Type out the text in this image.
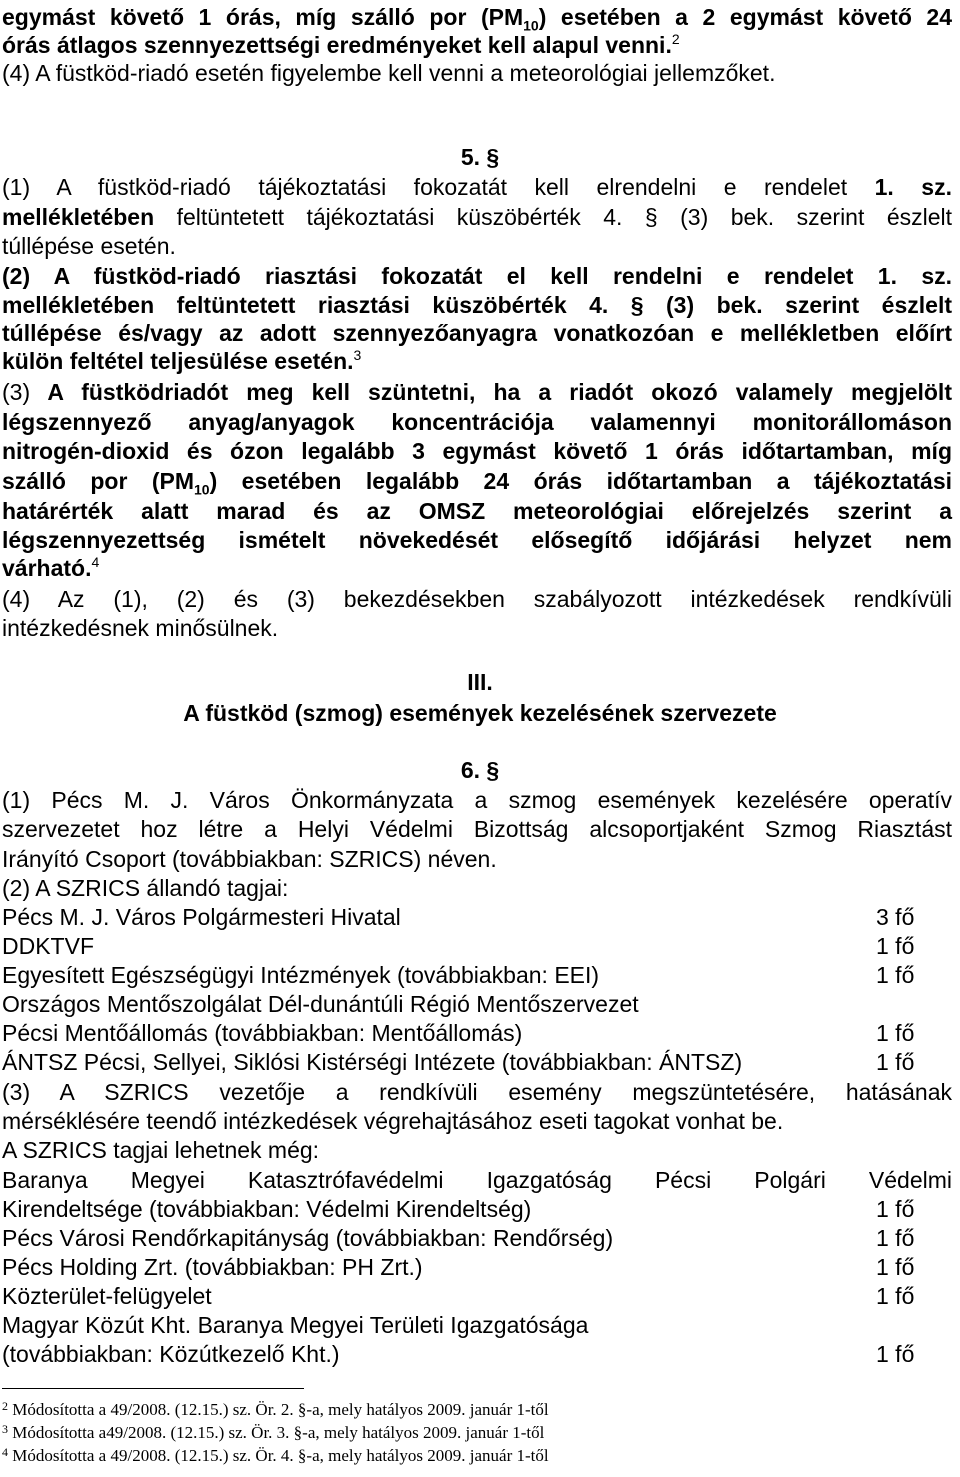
egymást követő 1 órás, míg szálló por $(PM_{10})$ esetében a 2 egymást követő 24
órás átlagos szennyezettségi eredményeket kell alapul venni.$^2$
(4) A füstköd-riadó esetén figyelembe kell venni a meteorológiai jellemzőket.
5. §
(1) A füstköd-riadó tájékoztatási fokozatát kell elrendelni e rendelet 1. sz.
mellékletében feltüntetett tájékoztatási küszöbérték 4. § (3) bek. szerint észlelt
túllépése esetén.
(2) A füstköd-riadó riasztási fokozatát el kell rendelni e rendelet 1. sz.
mellékletében feltüntetett riasztási küszöbérték 4. § (3) bek. szerint észlelt
túllépése és/vagy az adott szennyezőanyagra vonatkozóan e mellékletben előírt
külön feltétel teljesülése esetén.$^3$
(3) A füstködriadót meg kell szüntetni, ha a riadót okozó valamely megjelölt
légszennyező anyag/anyagok koncentrációja valamennyi monitorállomáson
nitrogén-dioxid és ózon legalább 3 egymást követő 1 órás időtartamban, míg
szálló por $(PM_{10})$ esetében legalább 24 órás időtartamban a tájékoztatási
határérték alatt marad és az OMSZ meteorológiai előrejelzés szerint a
légszennyezettség ismételt növekedését elősegítő időjárási helyzet nem
várható.$^4$
(4) Az (1), (2) és (3) bekezdésekben szabályozott intézkedések rendkívüli
intézkedésnek minősülnek.
III.
A füstköd (szmog) események kezelésének szervezete
6. §
(1) Pécs M. J. Város Önkormányzata a szmog események kezelésére operatív
szervezetet hoz létre a Helyi Védelmi Bizottság alcsoportjaként Szmog Riasztást
Irányító Csoport (továbbiakban: SZRICS) néven.
(2) A SZRICS állandó tagjai:
Pécs M. J. Város Polgármesteri Hivatal	3 fő
DDKTVF	1 fő
Egyesített Egészségügyi Intézmények (továbbiakban: EEI)	1 fő
Országos Mentőszolgálat Dél-dunántúli Régió Mentőszervezet
Pécsi Mentőállomás (továbbiakban: Mentőállomás)	1 fő
ÁNTSZ Pécsi, Sellyei, Siklósi Kistérségi Intézete (továbbiakban: ÁNTSZ)	1 fő
(3) A SZRICS vezetője a rendkívüli esemény megszüntetésére, hatásának
mérséklésére teendő intézkedések végrehajtásához eseti tagokat vonhat be.
A SZRICS tagjai lehetnek még:
Baranya Megyei Katasztrófavédelmi Igazgatóság Pécsi Polgári Védelmi
Kirendeltsége (továbbiakban: Védelmi Kirendeltség)	1 fő
Pécs Városi Rendőrkapitányság (továbbiakban: Rendőrség)	1 fő
Pécs Holding Zrt. (továbbiakban: PH Zrt.)	1 fő
Közterület-felügyelet	1 fő
Magyar Közút Kht. Baranya Megyei Területi Igazgatósága
(továbbiakban: Közútkezelő Kht.)	1 fő
$^2$ Módosította a 49/2008. (12.15.) sz. Ör. 2. §-a, mely hatályos 2009. január 1-től
$^3$ Módosította a49/2008. (12.15.) sz. Ör. 3. §-a, mely hatályos 2009. január 1-től
$^4$ Módosította a 49/2008. (12.15.) sz. Ör. 4. §-a, mely hatályos 2009. január 1-től
